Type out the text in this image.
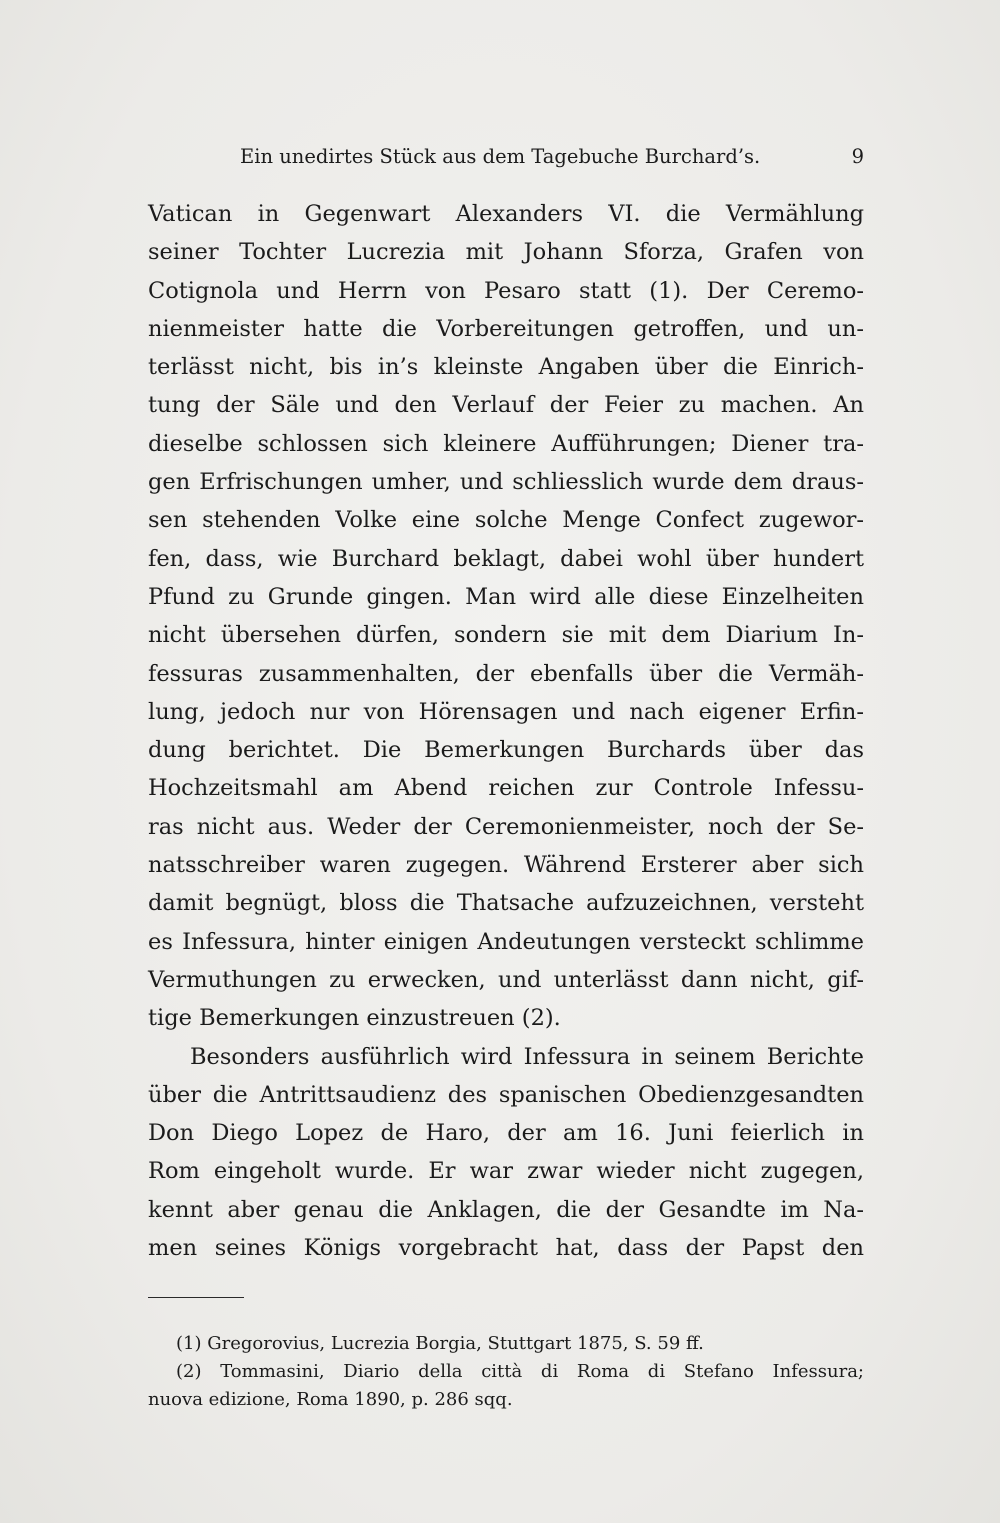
Ein unedirtes Stück aus dem Tagebuche Burchard’s.	9
Vatican in Gegenwart Alexanders VI. die Vermählung
seiner Tochter Lucrezia mit Johann Sforza, Grafen von
Cotignola und Herrn von Pesaro statt (1). Der Ceremo-
nienmeister hatte die Vorbereitungen getroffen, und un-
terlässt nicht, bis in’s kleinste Angaben über die Einrich-
tung der Säle und den Verlauf der Feier zu machen. An
dieselbe schlossen sich kleinere Aufführungen; Diener tra-
gen Erfrischungen umher, und schliesslich wurde dem draus-
sen stehenden Volke eine solche Menge Confect zugewor-
fen, dass, wie Burchard beklagt, dabei wohl über hundert
Pfund zu Grunde gingen. Man wird alle diese Einzelheiten
nicht übersehen dürfen, sondern sie mit dem Diarium In-
fessuras zusammenhalten, der ebenfalls über die Vermäh-
lung, jedoch nur von Hörensagen und nach eigener Erfin-
dung berichtet. Die Bemerkungen Burchards über das
Hochzeitsmahl am Abend reichen zur Controle Infessu-
ras nicht aus. Weder der Ceremonienmeister, noch der Se-
natsschreiber waren zugegen. Während Ersterer aber sich
damit begnügt, bloss die Thatsache aufzuzeichnen, versteht
es Infessura, hinter einigen Andeutungen versteckt schlimme
Vermuthungen zu erwecken, und unterlässt dann nicht, gif-
tige Bemerkungen einzustreuen (2).
Besonders ausführlich wird Infessura in seinem Berichte
über die Antrittsaudienz des spanischen Obedienzgesandten
Don Diego Lopez de Haro, der am 16. Juni feierlich in
Rom eingeholt wurde. Er war zwar wieder nicht zugegen,
kennt aber genau die Anklagen, die der Gesandte im Na-
men seines Königs vorgebracht hat, dass der Papst den
(1) Gregorovius, Lucrezia Borgia, Stuttgart 1875, S. 59 ff.
(2) Tommasini, Diario della città di Roma di Stefano Infessura;
nuova edizione, Roma 1890, p. 286 sqq.
